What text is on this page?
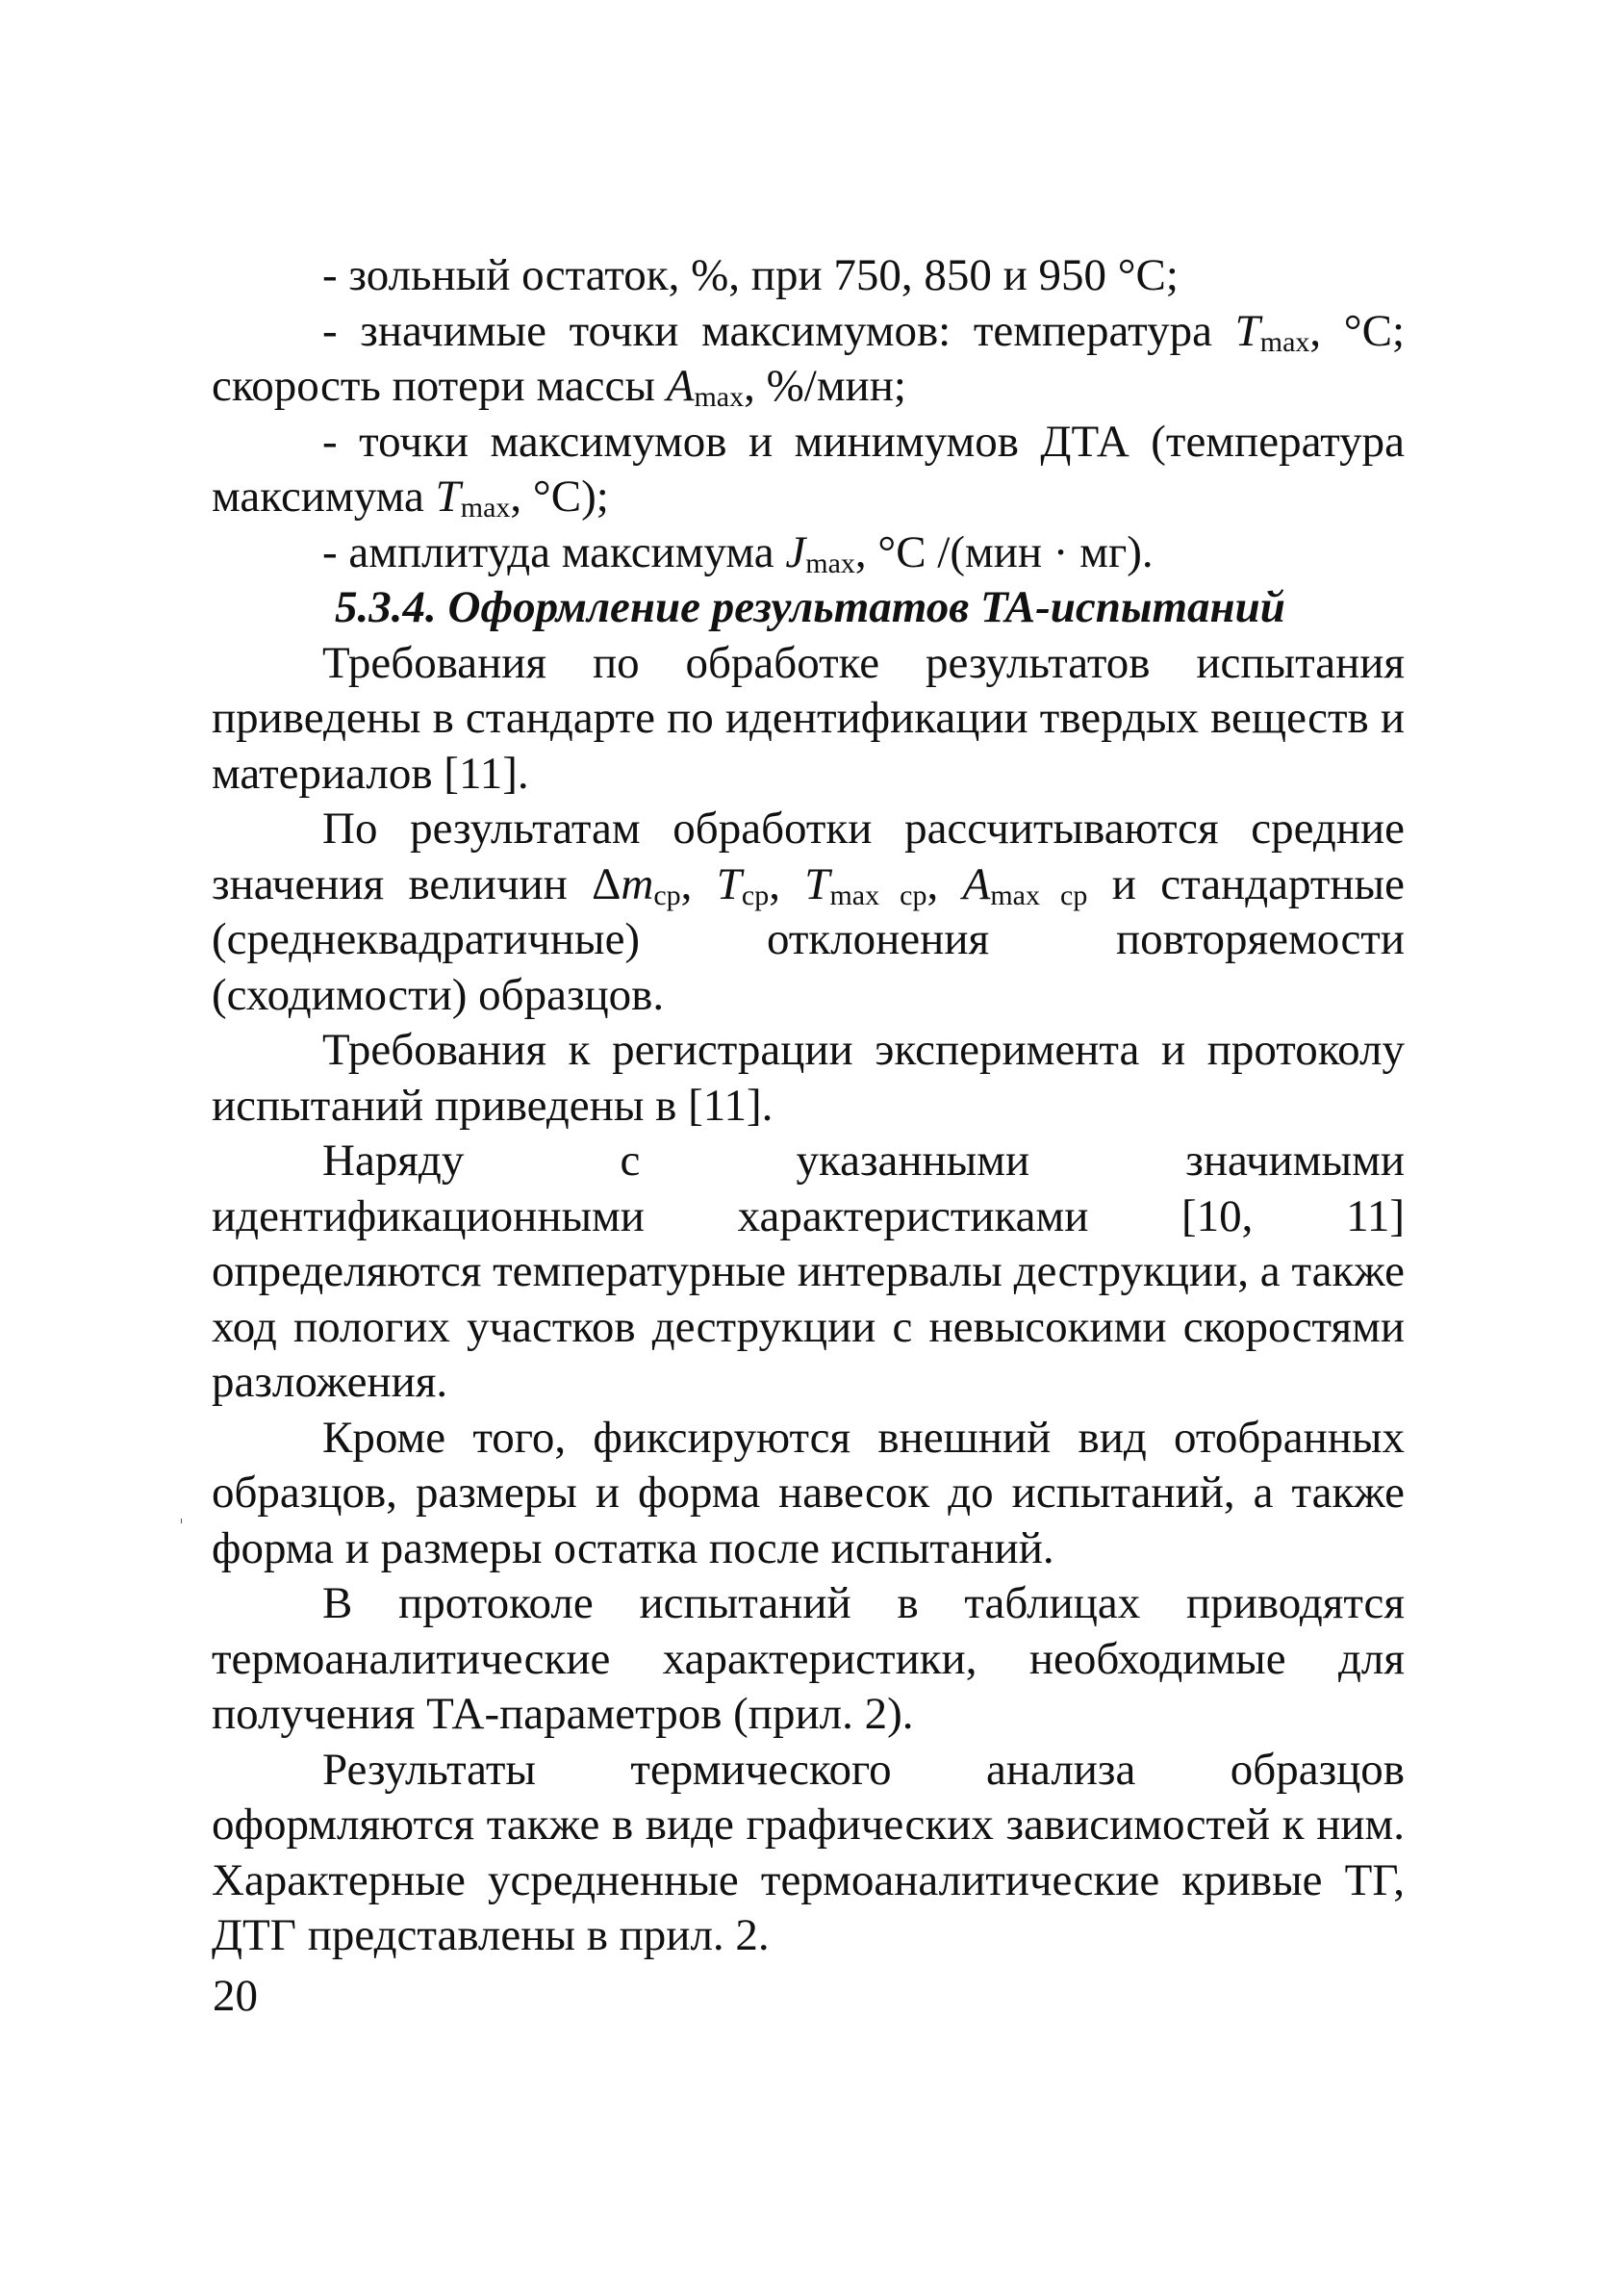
- зольный остаток, %, при 750, 850 и 950 °C;

- значимые точки максимумов: температура $T_{max}$, °C; скорость потери массы $A_{max}$, %/мин;

- точки максимумов и минимумов ДТА (температура максимума $T_{max}$, °C);

- амплитуда максимума $J_{max}$, °C /(мин · мг).

5.3.4. Оформление результатов ТА-испытаний

Требования по обработке результатов испытания приведены в стандарте по идентификации твердых веществ и материалов [11].

По результатам обработки рассчитываются средние значения величин $\Delta m_{ср}$, $T_{ср}$, $T_{max ср}$, $A_{max ср}$ и стандартные (среднеквадратичные) отклонения повторяемости (сходимости) образцов.

Требования к регистрации эксперимента и протоколу испытаний приведены в [11].

Наряду с указанными значимыми идентификационными характеристиками [10, 11] определяются температурные интервалы деструкции, а также ход пологих участков деструкции с невысокими скоростями разложения.

Кроме того, фиксируются внешний вид отобранных образцов, размеры и форма навесок до испытаний, а также форма и размеры остатка после испытаний.

В протоколе испытаний в таблицах приводятся термоаналитические характеристики, необходимые для получения ТА-параметров (прил. 2).

Результаты термического анализа образцов оформляются также в виде графических зависимостей к ним. Характерные усредненные термоаналитические кривые ТГ, ДТГ представлены в прил. 2.

20
